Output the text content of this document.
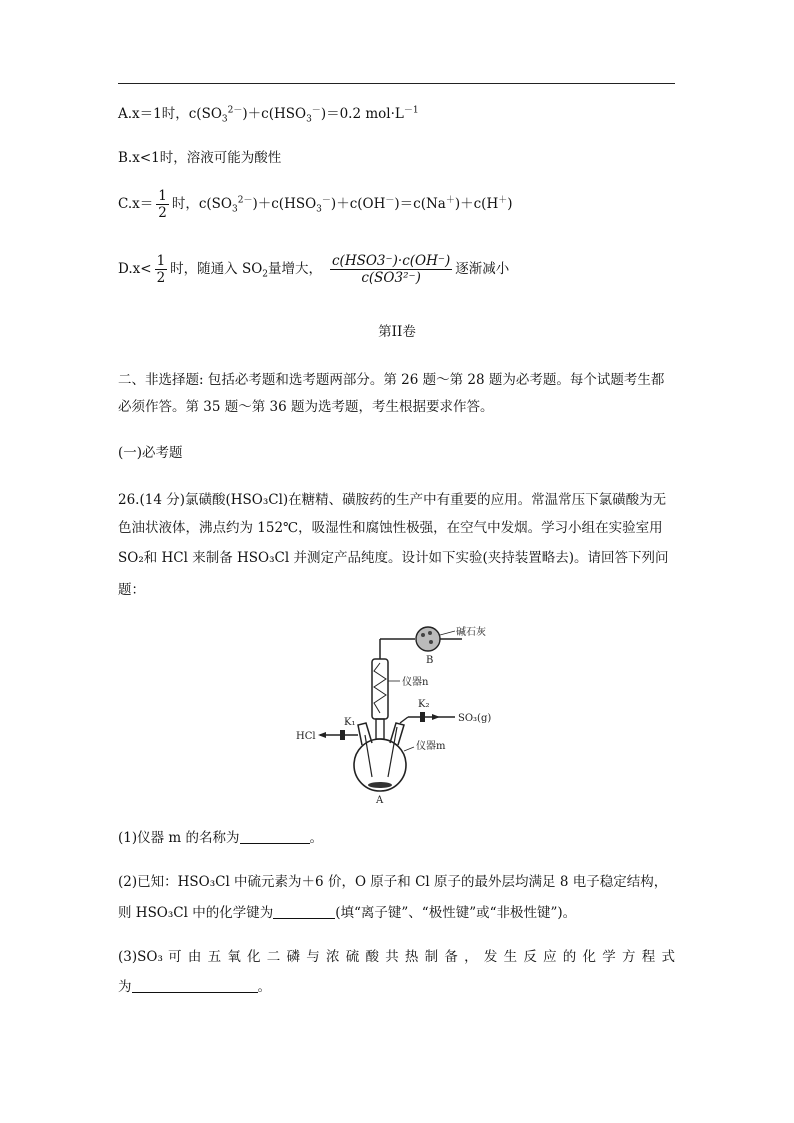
A.x＝1时，$c(SO_3^{2-})+c(HSO_3^-)=0.2$ $mol\cdot L^{-1}$
B.x<1时，溶液可能为酸性
$C.x= \frac{1}{2}$ 时，$c(SO_3^{2-})+c(HSO_3^-)+c(OH^-)=c(Na^+)+c(H^+)$
$D.x< \frac{1}{2}$ 时，随通入 $SO_2$量增大， $\frac{\text{c(HSO3⁻)·c(OH⁻)}}{\text{c(SO3²⁻)}}$ 逐渐减小
第II卷
二、非选择题: 包括必考题和选考题两部分。第 26 题～第 28 题为必考题。每个试题考生都
必须作答。第 35 题～第 36 题为选考题，考生根据要求作答。
(一)必考题
26.(14 分)氯磺酸(HSO₃Cl)在糖精、磺胺药的生产中有重要的应用。常温常压下氯磺酸为无
色油状液体，沸点约为 152℃，吸湿性和腐蚀性极强，在空气中发烟。学习小组在实验室用
SO₂和 HCl 来制备 HSO₃Cl 并测定产品纯度。设计如下实验(夹持装置略去)。请回答下列问
题：
碱石灰
B
仪器n
HCl
K₁
K₂
SO₃(g)
仪器m
A
(1)仪器 m 的名称为	。
(2)已知：HSO₃Cl 中硫元素为＋6 价，O 原子和 Cl 原子的最外层均满足 8 电子稳定结构，
则 HSO₃Cl 中的化学键为	(填“离子键”、“极性键”或“非极性键”)。
(3)SO₃ 可 由 五 氧 化 二 磷 与 浓 硫 酸 共 热 制 备 ， 发 生 反 应 的 化 学 方 程 式
为	。
